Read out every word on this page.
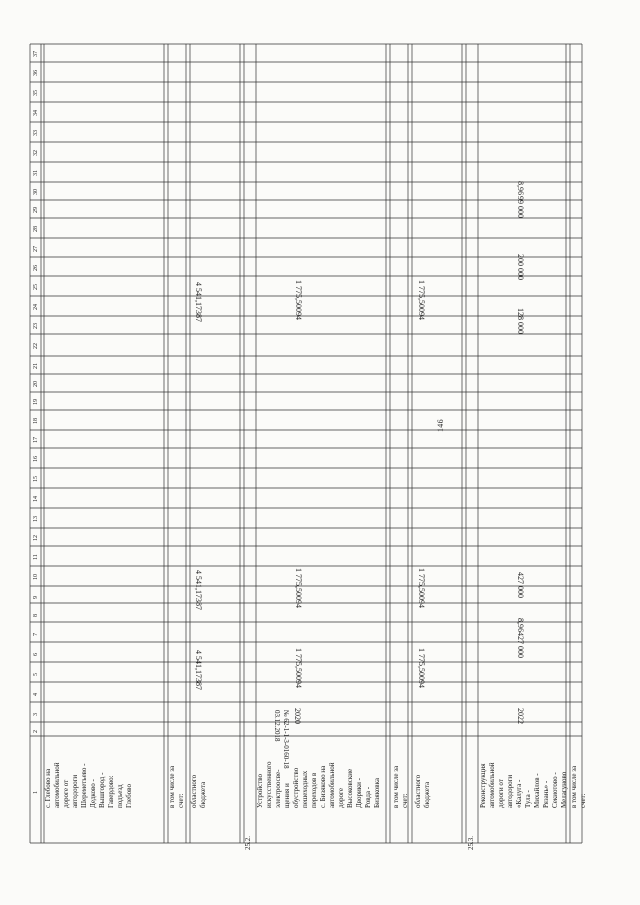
146
1
2
3
4
5
6
7
8
9
10
11
12
13
14
15
16
17
18
19
20
21
22
23
24
25
26
27
28
29
30
31
32
33
34
35
36
37
с. Глебово на автомобильной дороге от автодороги Шереметьево - Дедково - Вышгород - Гавердово: подъезд Глебово	в том числе за счет: областного бюджета
4 541,17387
4 541,17387
4 541,17387
25.2.
Устройство искусственного электроосве- щения и обустройство пешеходных переходов в с. Бизяково на автомобильной дороге Высоковские Дворики - Ровда - Бизяковка
№ 62-1-1-3-0160-18
03.12.2018 2020
1 775,50094
1 775,50094
1 775,50094
в том числе за счет: областного бюджета
1 775,50094
1 775,50094
1 775,50094
25.3.
Реконструкция автомобильной дороги от автодороги «Калуга - Тула - Михайлов - Рязань» - Секиотово - Мелагуново в том числе за счет:
2022
427 000
8,96
427 000
128 000
200 000
99 000
8,96
